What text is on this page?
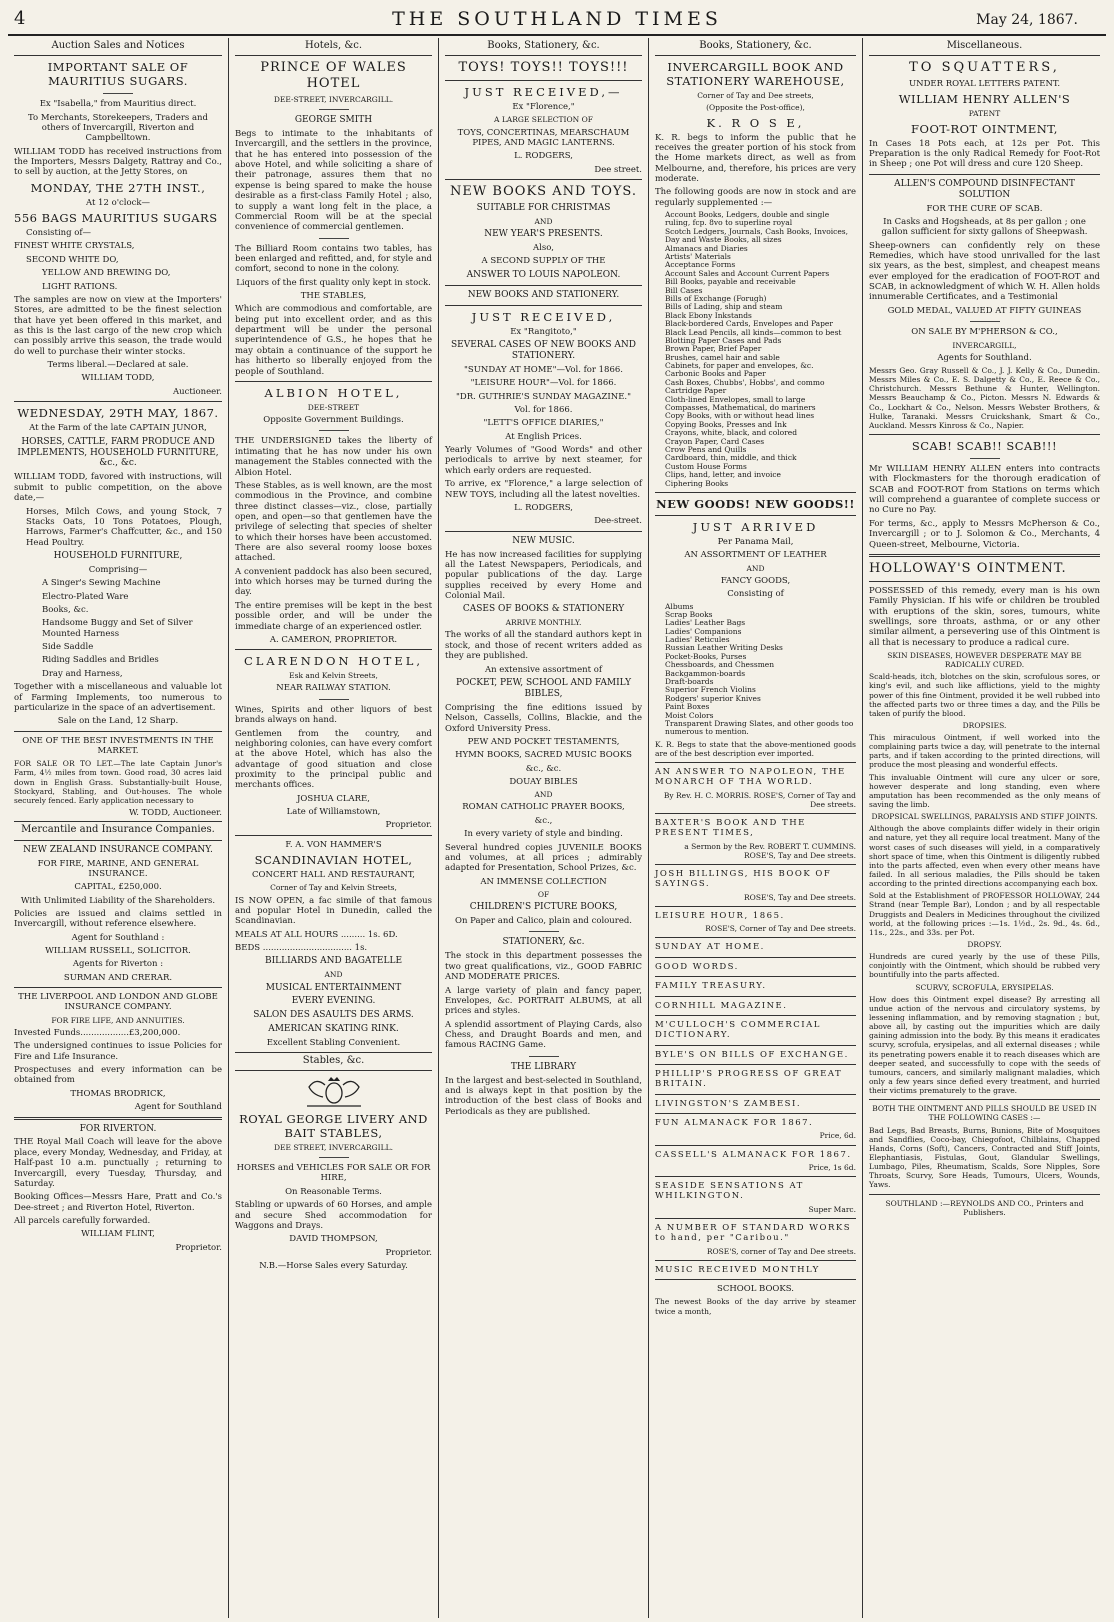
4	THE SOUTHLAND TIMES	May 24, 1867.
Auction Sales and Notices
IMPORTANT SALE OF MAURITIUS SUGARS.

Ex "Isabella," from Mauritius direct.

To Merchants, Storekeepers, Traders and others of Invercargill, Riverton and Campbelltown.

WILLIAM TODD has received instructions from the Importers, Messrs Dalgety, Rattray and Co., to sell by auction, at the Jetty Stores, on

MONDAY, THE 27TH INST.,

At 12 o'clock—

556 BAGS MAURITIUS SUGARS

Consisting of—

FINEST WHITE CRYSTALS,

SECOND WHITE DO,

YELLOW AND BREWING DO,

LIGHT RATIONS.

The samples are now on view at the Importers' Stores, are admitted to be the finest selection that have yet been offered in this market, and as this is the last cargo of the new crop which can possibly arrive this season, the trade would do well to purchase their winter stocks.

Terms liberal.—Declared at sale.

WILLIAM TODD,

Auctioneer.

WEDNESDAY, 29TH MAY, 1867.

At the Farm of the late CAPTAIN JUNOR,

HORSES, CATTLE, FARM PRODUCE AND IMPLEMENTS, HOUSEHOLD FURNITURE, &c., &c.

WILLIAM TODD, favored with instructions, will submit to public competition, on the above date,—

Horses, Milch Cows, and young Stock, 7 Stacks Oats, 10 Tons Potatoes, Plough, Harrows, Farmer's Chaffcutter, &c., and 150 Head Poultry.

HOUSEHOLD FURNITURE,

Comprising—

A Singer's Sewing Machine

Electro-Plated Ware

Books, &c.

Handsome Buggy and Set of Silver Mounted Harness

Side Saddle

Riding Saddles and Bridles

Dray and Harness,

Together with a miscellaneous and valuable lot of Farming Implements, too numerous to particularize in the space of an advertisement.

Sale on the Land, 12 Sharp.

ONE OF THE BEST INVESTMENTS IN THE MARKET.

FOR SALE OR TO LET.—The late Captain Junor's Farm, 4½ miles from town. Good road, 30 acres laid down in English Grass. Substantially-built House, Stockyard, Stabling, and Out-houses. The whole securely fenced. Early application necessary to

W. TODD, Auctioneer.

Mercantile and Insurance Companies.

NEW ZEALAND INSURANCE COMPANY.

FOR FIRE, MARINE, AND GENERAL INSURANCE.

CAPITAL, £250,000.

With Unlimited Liability of the Shareholders.

Policies are issued and claims settled in Invercargill, without reference elsewhere.

Agent for Southland :

WILLIAM RUSSELL, SOLICITOR.

Agents for Riverton :

SURMAN AND CRERAR.

THE LIVERPOOL AND LONDON AND GLOBE INSURANCE COMPANY.

FOR FIRE LIFE, AND ANNUITIES.

Invested Funds..................£3,200,000.

The undersigned continues to issue Policies for Fire and Life Insurance.

Prospectuses and every information can be obtained from

THOMAS BRODRICK,

Agent for Southland

FOR RIVERTON.

THE Royal Mail Coach will leave for the above place, every Monday, Wednesday, and Friday, at Half-past 10 a.m. punctually ; returning to Invercargill, every Tuesday, Thursday, and Saturday.

Booking Offices—Messrs Hare, Pratt and Co.'s Dee-street ; and Riverton Hotel, Riverton.

All parcels carefully forwarded.

WILLIAM FLINT,

Proprietor.

Hotels, &c.

PRINCE OF WALES HOTEL

DEE-STREET, INVERCARGILL.

GEORGE SMITH

Begs to intimate to the inhabitants of Invercargill, and the settlers in the province, that he has entered into possession of the above Hotel, and while soliciting a share of their patronage, assures them that no expense is being spared to make the house desirable as a first-class Family Hotel ; also, to supply a want long felt in the place, a Commercial Room will be at the special convenience of commercial gentlemen.

The Billiard Room contains two tables, has been enlarged and refitted, and, for style and comfort, second to none in the colony.

Liquors of the first quality only kept in stock.

THE STABLES,

Which are commodious and comfortable, are being put into excellent order, and as this department will be under the personal superintendence of G.S., he hopes that he may obtain a continuance of the support he has hitherto so liberally enjoyed from the people of Southland.

ALBION HOTEL,

DEE-STREET

Opposite Government Buildings.

THE UNDERSIGNED takes the liberty of intimating that he has now under his own management the Stables connected with the Albion Hotel.

These Stables, as is well known, are the most commodious in the Province, and combine three distinct classes—viz., close, partially open, and open—so that gentlemen have the privilege of selecting that species of shelter to which their horses have been accustomed. There are also several roomy loose boxes attached.

A convenient paddock has also been secured, into which horses may be turned during the day.

The entire premises will be kept in the best possible order, and will be under the immediate charge of an experienced ostler.

A. CAMERON, PROPRIETOR.

CLARENDON HOTEL,

Esk and Kelvin Streets,

NEAR RAILWAY STATION.

Wines, Spirits and other liquors of best brands always on hand.

Gentlemen from the country, and neighboring colonies, can have every comfort at the above Hotel, which has also the advantage of good situation and close proximity to the principal public and merchants offices.

JOSHUA CLARE,

Late of Williamstown,

Proprietor.

F. A. VON HAMMER'S

SCANDINAVIAN HOTEL,

CONCERT HALL AND RESTAURANT,

Corner of Tay and Kelvin Streets,

IS NOW OPEN, a fac simile of that famous and popular Hotel in Dunedin, called the Scandinavian.

MEALS AT ALL HOURS ......... 1s. 6D.

BEDS ................................. 1s.

BILLIARDS AND BAGATELLE

AND

MUSICAL ENTERTAINMENT

EVERY EVENING.

SALON DES ASAULTS DES ARMS.

AMERICAN SKATING RINK.

Excellent Stabling Convenient.

Stables, &c.

ROYAL GEORGE LIVERY AND BAIT STABLES,

DEE STREET, INVERCARGILL.

HORSES and VEHICLES FOR SALE OR FOR HIRE,

On Reasonable Terms.

Stabling or upwards of 60 Horses, and ample and secure Shed accommodation for Waggons and Drays.

DAVID THOMPSON,

Proprietor.

N.B.—Horse Sales every Saturday.

Books, Stationery, &c.

TOYS! TOYS!! TOYS!!!

JUST RECEIVED,—

Ex "Florence,"

A LARGE SELECTION OF

TOYS, CONCERTINAS, MEARSCHAUM PIPES, AND MAGIC LANTERNS.

L. RODGERS,

Dee street.

NEW BOOKS AND TOYS.

SUITABLE FOR CHRISTMAS

AND

NEW YEAR'S PRESENTS.

Also,

A SECOND SUPPLY OF THE

ANSWER TO LOUIS NAPOLEON.

NEW BOOKS AND STATIONERY.

JUST RECEIVED,

Ex "Rangitoto,"

SEVERAL CASES OF NEW BOOKS AND STATIONERY.

"SUNDAY AT HOME"—Vol. for 1866.

"LEISURE HOUR"—Vol. for 1866.

"DR. GUTHRIE'S SUNDAY MAGAZINE."

Vol. for 1866.

"LETT'S OFFICE DIARIES,"

At English Prices.

Yearly Volumes of "Good Words" and other periodicals to arrive by next steamer, for which early orders are requested.

To arrive, ex "Florence," a large selection of NEW TOYS, including all the latest novelties.

L. RODGERS,

Dee-street.

NEW MUSIC.

He has now increased facilities for supplying all the Latest Newspapers, Periodicals, and popular publications of the day. Large supplies received by every Home and Colonial Mail.

CASES OF BOOKS & STATIONERY

ARRIVE MONTHLY.

The works of all the standard authors kept in stock, and those of recent writers added as they are published.

An extensive assortment of

POCKET, PEW, SCHOOL AND FAMILY BIBLES,

Comprising the fine editions issued by Nelson, Cassells, Collins, Blackie, and the Oxford University Press.

PEW AND POCKET TESTAMENTS,

HYMN BOOKS, SACRED MUSIC BOOKS

&c., &c.

DOUAY BIBLES

AND

ROMAN CATHOLIC PRAYER BOOKS,

&c.,

In every variety of style and binding.

Several hundred copies JUVENILE BOOKS and volumes, at all prices ; admirably adapted for Presentation, School Prizes, &c.

AN IMMENSE COLLECTION

OF

CHILDREN'S PICTURE BOOKS,

On Paper and Calico, plain and coloured.

STATIONERY, &c.

The stock in this department possesses the two great qualifications, viz., GOOD FABRIC AND MODERATE PRICES.

A large variety of plain and fancy paper, Envelopes, &c. PORTRAIT ALBUMS, at all prices and styles.

A splendid assortment of Playing Cards, also Chess, and Draught Boards and men, and famous RACING Game.

THE LIBRARY

In the largest and best-selected in Southland, and is always kept in that position by the introduction of the best class of Books and Periodicals as they are published.

Books, Stationery, &c.

INVERCARGILL BOOK AND STATIONERY WAREHOUSE,

Corner of Tay and Dee streets,

(Opposite the Post-office),

K. R O S E,

K. R. begs to inform the public that he receives the greater portion of his stock from the Home markets direct, as well as from Melbourne, and, therefore, his prices are very moderate.

The following goods are now in stock and are regularly supplemented :—

Account Books, Ledgers, double and single ruling, fcp. 8vo to superline royal
Scotch Ledgers, Journals, Cash Books, Invoices, Day and Waste Books, all sizes
Almanacs and Diaries
Artists' Materials
Acceptance Forms
Account Sales and Account Current Papers
Bill Books, payable and receivable
Bill Cases
Bills of Exchange (Forugh)
Bills of Lading, ship and steam
Black Ebony Inkstands
Black-bordered Cards, Envelopes and Paper
Black Lead Pencils, all kinds—common to best
Blotting Paper Cases and Pads
Brown Paper, Brief Paper
Brushes, camel hair and sable
Cabinets, for paper and envelopes, &c.
Carbonic Books and Paper
Cash Boxes, Chubbs', Hobbs', and commo
Cartridge Paper
Cloth-lined Envelopes, small to large
Compasses, Mathematical, do mariners
Copy Books, with or without head lines
Copying Books, Presses and Ink
Crayons, white, black, and colored
Crayon Paper, Card Cases
Crow Pens and Quills
Cardboard, thin, middle, and thick
Custom House Forms
Clips, hand, letter, and invoice
Ciphering Books

NEW GOODS! NEW GOODS!!

JUST ARRIVED

Per Panama Mail,

AN ASSORTMENT OF LEATHER

AND

FANCY GOODS,

Consisting of

Albums
Scrap Books
Ladies' Leather Bags
Ladies' Companions
Ladies' Reticules
Russian Leather Writing Desks
Pocket-Books, Purses
Chessboards, and Chessmen
Backgammon-boards
Draft-boards
Superior French Violins
Rodgers' superior Knives
Paint Boxes
Moist Colors
Transparent Drawing Slates, and other goods too numerous to mention.

K. R. Begs to state that the above-mentioned goods are of the best description ever imported.

AN ANSWER TO NAPOLEON, THE MONARCH OF THA WORLD.

By Rev. H. C. MORRIS. ROSE'S, Corner of Tay and Dee streets.

BAXTER'S BOOK AND THE PRESENT TIMES,

a Sermon by the Rev. ROBERT T. CUMMINS. ROSE'S, Tay and Dee streets.

JOSH BILLINGS, HIS BOOK OF SAYINGS.

ROSE'S, Tay and Dee streets.

LEISURE HOUR, 1865.

ROSE'S, Corner of Tay and Dee streets.

SUNDAY AT HOME.

GOOD WORDS.

FAMILY TREASURY.

CORNHILL MAGAZINE.

M'CULLOCH'S COMMERCIAL DICTIONARY.

BYLE'S ON BILLS OF EXCHANGE.

PHILLIP'S PROGRESS OF GREAT BRITAIN.

LIVINGSTON'S ZAMBESI.

FUN ALMANACK FOR 1867.

Price, 6d.

CASSELL'S ALMANACK FOR 1867.

Price, 1s 6d.

SEASIDE SENSATIONS AT WHILKINGTON.

Super Marc.

A NUMBER OF STANDARD WORKS to hand, per "Caribou."

ROSE'S, corner of Tay and Dee streets.

MUSIC RECEIVED MONTHLY

SCHOOL BOOKS.

The newest Books of the day arrive by steamer twice a month,

Miscellaneous.

TO SQUATTERS,

UNDER ROYAL LETTERS PATENT.

WILLIAM HENRY ALLEN'S

PATENT

FOOT-ROT OINTMENT,

In Cases 18 Pots each, at 12s per Pot. This Preparation is the only Radical Remedy for Foot-Rot in Sheep ; one Pot will dress and cure 120 Sheep.

ALLEN'S COMPOUND DISINFECTANT SOLUTION

FOR THE CURE OF SCAB.

In Casks and Hogsheads, at 8s per gallon ; one gallon sufficient for sixty gallons of Sheepwash.

Sheep-owners can confidently rely on these Remedies, which have stood unrivalled for the last six years, as the best, simplest, and cheapest means ever employed for the eradication of FOOT-ROT and SCAB, in acknowledgment of which W. H. Allen holds innumerable Certificates, and a Testimonial

GOLD MEDAL, VALUED AT FIFTY GUINEAS

ON SALE BY M'PHERSON & CO.,

INVERCARGILL,

Agents for Southland.

Messrs Geo. Gray Russell & Co., J. J. Kelly & Co., Dunedin. Messrs Miles & Co., E. S. Dalgetty & Co., E. Reece & Co., Christchurch. Messrs Bethune & Hunter, Wellington. Messrs Beauchamp & Co., Picton. Messrs N. Edwards & Co., Lockhart & Co., Nelson. Messrs Webster Brothers, & Hulke, Taranaki. Messrs Cruickshank, Smart & Co., Auckland. Messrs Kinross & Co., Napier.

SCAB! SCAB!! SCAB!!!

Mr WILLIAM HENRY ALLEN enters into contracts with Flockmasters for the thorough eradication of SCAB and FOOT-ROT from Stations on terms which will comprehend a guarantee of complete success or no Cure no Pay.

For terms, &c., apply to Messrs McPherson & Co., Invercargill ; or to J. Solomon & Co., Merchants, 4 Queen-street, Melbourne, Victoria.

HOLLOWAY'S OINTMENT.

POSSESSED of this remedy, every man is his own Family Physician. If his wife or children be troubled with eruptions of the skin, sores, tumours, white swellings, sore throats, asthma, or or any other similar ailment, a persevering use of this Ointment is all that is necessary to produce a radical cure.

SKIN DISEASES, HOWEVER DESPERATE MAY BE RADICALLY CURED.

Scald-heads, itch, blotches on the skin, scrofulous sores, or king's evil, and such like afflictions, yield to the mighty power of this fine Ointment, provided it be well rubbed into the affected parts two or three times a day, and the Pills be taken of purify the blood.

DROPSIES.

This miraculous Ointment, if well worked into the complaining parts twice a day, will penetrate to the internal parts, and if taken according to the printed directions, will produce the most pleasing and wonderful effects.

This invaluable Ointment will cure any ulcer or sore, however desperate and long standing, even where amputation has been recommended as the only means of saving the limb.

DROPSICAL SWELLINGS, PARALYSIS AND STIFF JOINTS.

Although the above complaints differ widely in their origin and nature, yet they all require local treatment. Many of the worst cases of such diseases will yield, in a comparatively short space of time, when this Ointment is diligently rubbed into the parts affected, even when every other means have failed. In all serious maladies, the Pills should be taken according to the printed directions accompanying each box.

Sold at the Establishment of PROFESSOR HOLLOWAY, 244 Strand (near Temple Bar), London ; and by all respectable Druggists and Dealers in Medicines throughout the civilized world, at the following prices :—1s. 1½d., 2s. 9d., 4s. 6d., 11s., 22s., and 33s. per Pot.

DROPSY.

Hundreds are cured yearly by the use of these Pills, conjointly with the Ointment, which should be rubbed very bountifully into the parts affected.

SCURVY, SCROFULA, ERYSIPELAS.

How does this Ointment expel disease? By arresting all undue action of the nervous and circulatory systems, by lessening inflammation, and by removing stagnation ; but, above all, by casting out the impurities which are daily gaining admission into the body. By this means it eradicates scurvy, scrofula, erysipelas, and all external diseases ; while its penetrating powers enable it to reach diseases which are deeper seated, and successfully to cope with the seeds of tumours, cancers, and similarly malignant maladies, which only a few years since defied every treatment, and hurried their victims prematurely to the grave.

BOTH THE OINTMENT AND PILLS SHOULD BE USED IN THE FOLLOWING CASES :—

Bad Legs, Bad Breasts, Burns, Bunions, Bite of Mosquitoes and Sandflies, Coco-bay, Chiegofoot, Chilblains, Chapped Hands, Corns (Soft), Cancers, Contracted and Stiff Joints, Elephantiasis, Fistulas, Gout, Glandular Swellings, Lumbago, Piles, Rheumatism, Scalds, Sore Nipples, Sore Throats, Scurvy, Sore Heads, Tumours, Ulcers, Wounds, Yaws.

SOUTHLAND :—REYNOLDS AND CO., Printers and Publishers.
